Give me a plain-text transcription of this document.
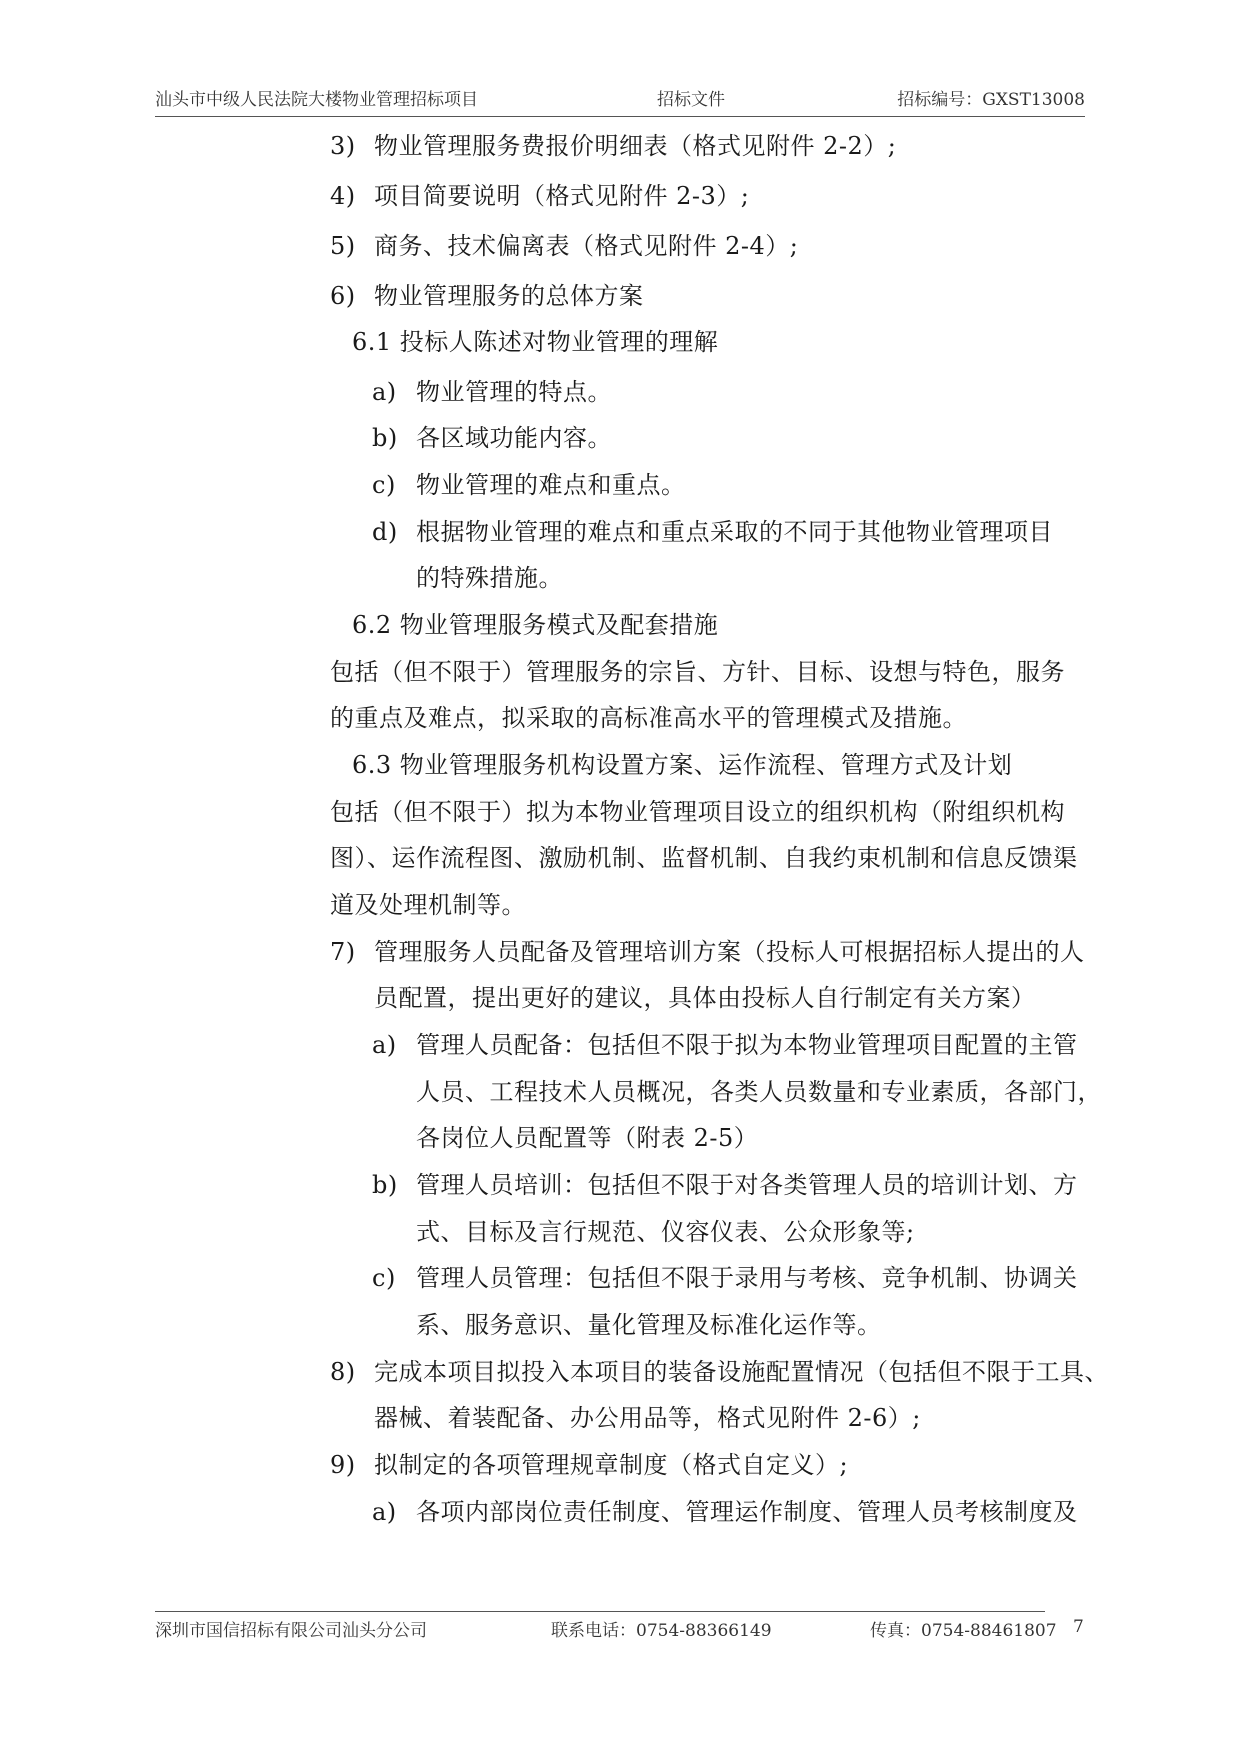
汕头市中级人民法院大楼物业管理招标项目	招标文件	招标编号：GXST13008
3) 物业管理服务费报价明细表（格式见附件 2-2）;
4) 项目简要说明（格式见附件 2-3）;
5) 商务、技术偏离表（格式见附件 2-4）;
6) 物业管理服务的总体方案
6.1 投标人陈述对物业管理的理解
a) 物业管理的特点。
b) 各区域功能内容。
c) 物业管理的难点和重点。
d) 根据物业管理的难点和重点采取的不同于其他物业管理项目
的特殊措施。
6.2 物业管理服务模式及配套措施
包括（但不限于）管理服务的宗旨、方针、目标、设想与特色，服务
的重点及难点，拟采取的高标准高水平的管理模式及措施。
6.3 物业管理服务机构设置方案、运作流程、管理方式及计划
包括（但不限于）拟为本物业管理项目设立的组织机构（附组织机构
图）、运作流程图、激励机制、监督机制、自我约束机制和信息反馈渠
道及处理机制等。
7) 管理服务人员配备及管理培训方案（投标人可根据招标人提出的人
员配置，提出更好的建议，具体由投标人自行制定有关方案）
a) 管理人员配备：包括但不限于拟为本物业管理项目配置的主管
人员、工程技术人员概况，各类人员数量和专业素质，各部门，
各岗位人员配置等（附表 2-5）
b) 管理人员培训：包括但不限于对各类管理人员的培训计划、方
式、目标及言行规范、仪容仪表、公众形象等;
c) 管理人员管理：包括但不限于录用与考核、竞争机制、协调关
系、服务意识、量化管理及标准化运作等。
8) 完成本项目拟投入本项目的装备设施配置情况（包括但不限于工具、
器械、着装配备、办公用品等，格式见附件 2-6）;
9) 拟制定的各项管理规章制度（格式自定义）;
a) 各项内部岗位责任制度、管理运作制度、管理人员考核制度及
深圳市国信招标有限公司汕头分公司	联系电话：0754-88366149	传真：0754-88461807 7
